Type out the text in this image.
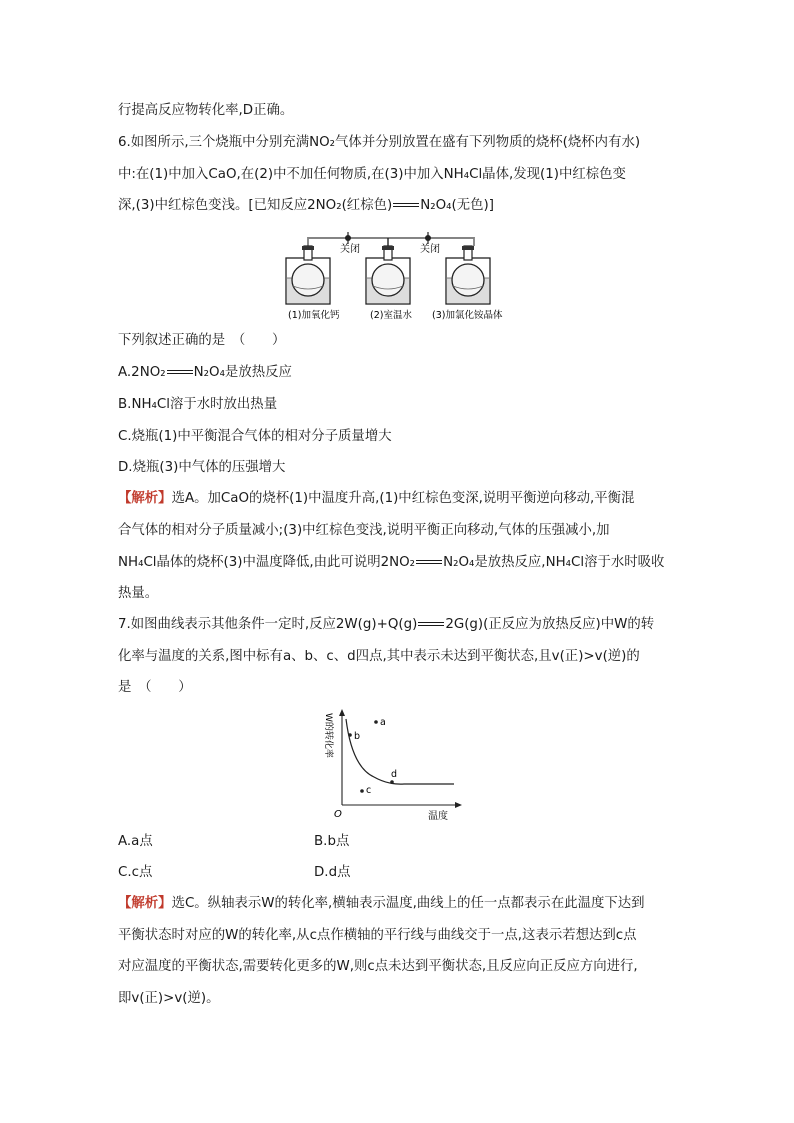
行提高反应物转化率,D正确。
6.如图所示,三个烧瓶中分别充满NO₂气体并分别放置在盛有下列物质的烧杯(烧杯内有水)
中:在(1)中加入CaO,在(2)中不加任何物质,在(3)中加入NH₄Cl晶体,发现(1)中红棕色变
深,(3)中红棕色变浅。[已知反应2NO₂(红棕色) N₂O₄(无色)]
关闭	关闭
(1)加氧化钙	(2)室温水 (3)加氯化铵晶体
下列叙述正确的是　（　　）
A.2NO₂ N₂O₄是放热反应
B.NH₄Cl溶于水时放出热量
C.烧瓶(1)中平衡混合气体的相对分子质量增大
D.烧瓶(3)中气体的压强增大
【解析】选A。加CaO的烧杯(1)中温度升高,(1)中红棕色变深,说明平衡逆向移动,平衡混
合气体的相对分子质量减小;(3)中红棕色变浅,说明平衡正向移动,气体的压强减小,加
NH₄Cl晶体的烧杯(3)中温度降低,由此可说明2NO₂ N₂O₄是放热反应,NH₄Cl溶于水时吸收
热量。
7.如图曲线表示其他条件一定时,反应2W(g)+Q(g) 2G(g)(正反应为放热反应)中W的转
化率与温度的关系,图中标有a、b、c、d四点,其中表示未达到平衡状态,且v(正)>v(逆)的
是　（　　）
W的转化率
温度
O
a
b
c
d
A.a点	B.b点
C.c点	D.d点
【解析】选C。纵轴表示W的转化率,横轴表示温度,曲线上的任一点都表示在此温度下达到
平衡状态时对应的W的转化率,从c点作横轴的平行线与曲线交于一点,这表示若想达到c点
对应温度的平衡状态,需要转化更多的W,则c点未达到平衡状态,且反应向正反应方向进行,
即v(正)>v(逆)。
